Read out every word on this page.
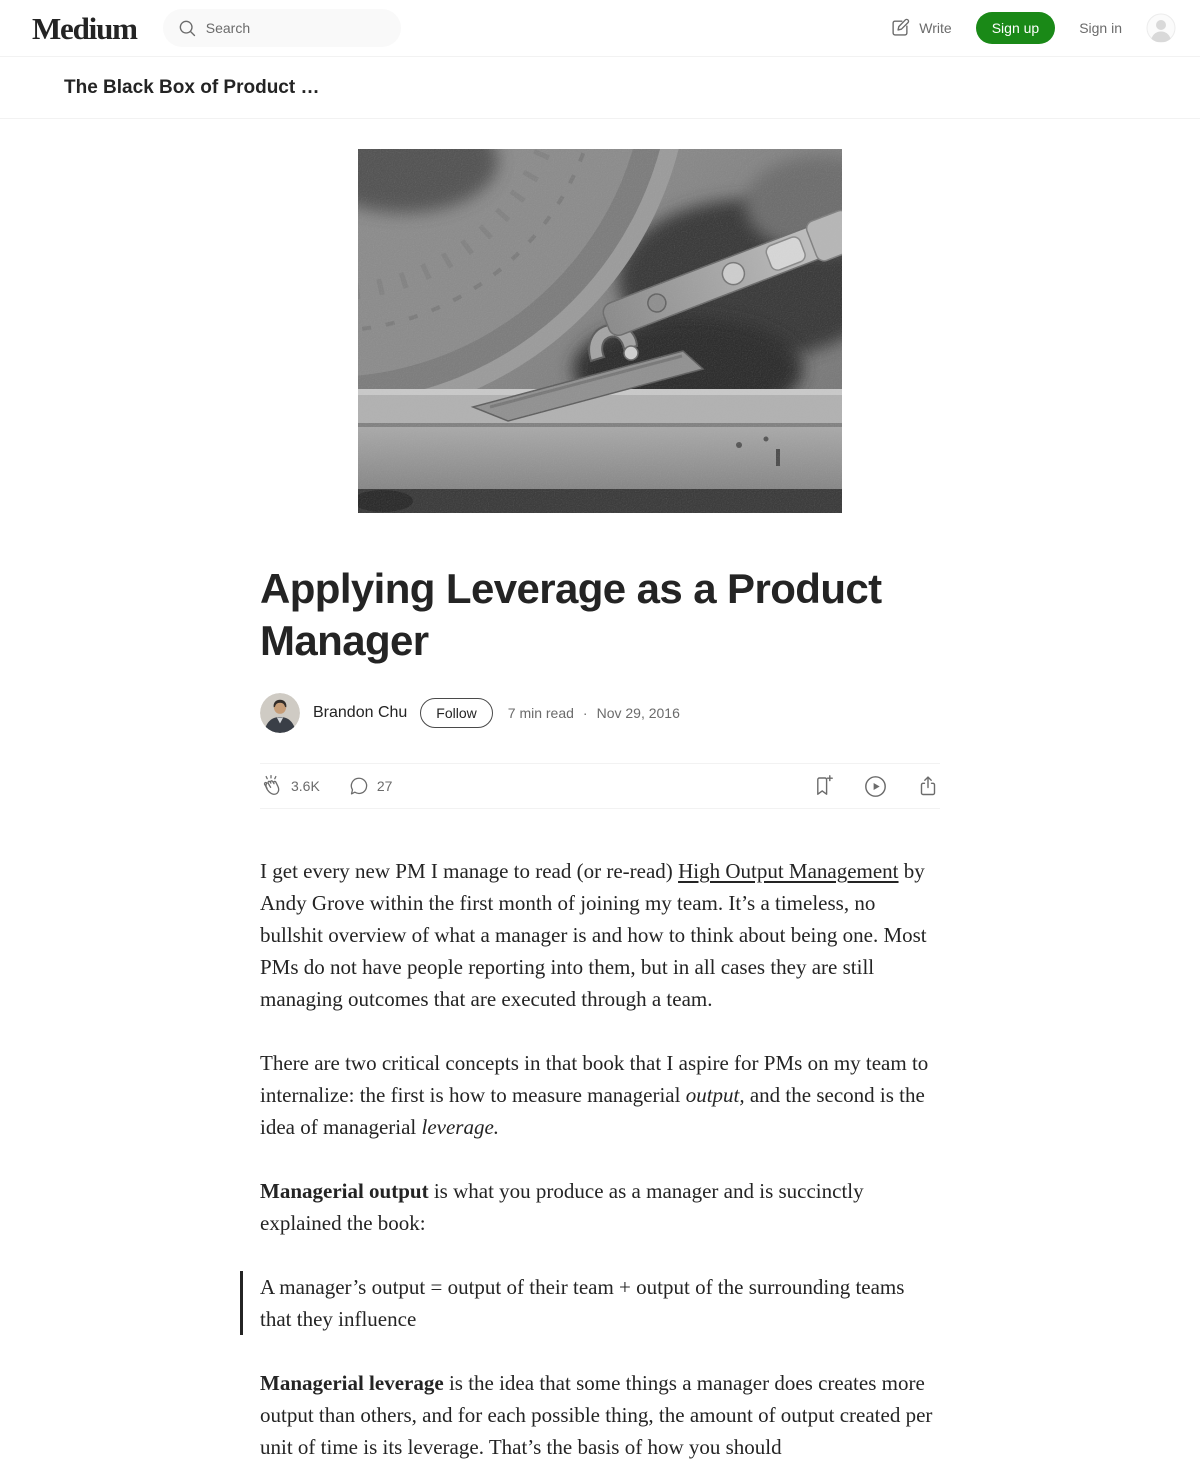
Medium
Search	Write	Sign up	Sign in
The Black Box of Product …
Applying Leverage as a Product Manager
Brandon Chu	Follow	7 min read · Nov 29, 2016
3.6K	27

I get every new PM I manage to read (or re-read) High Output Management by Andy Grove within the first month of joining my team. It’s a timeless, no bullshit overview of what a manager is and how to think about being one. Most PMs do not have people reporting into them, but in all cases they are still managing outcomes that are executed through a team.

There are two critical concepts in that book that I aspire for PMs on my team to internalize: the first is how to measure managerial output, and the second is the idea of managerial leverage.

Managerial output is what you produce as a manager and is succinctly explained the book:

A manager’s output = output of their team + output of the surrounding teams that they influence

Managerial leverage is the idea that some things a manager does creates more output than others, and for each possible thing, the amount of output created per unit of time is its leverage. That’s the basis of how you should
